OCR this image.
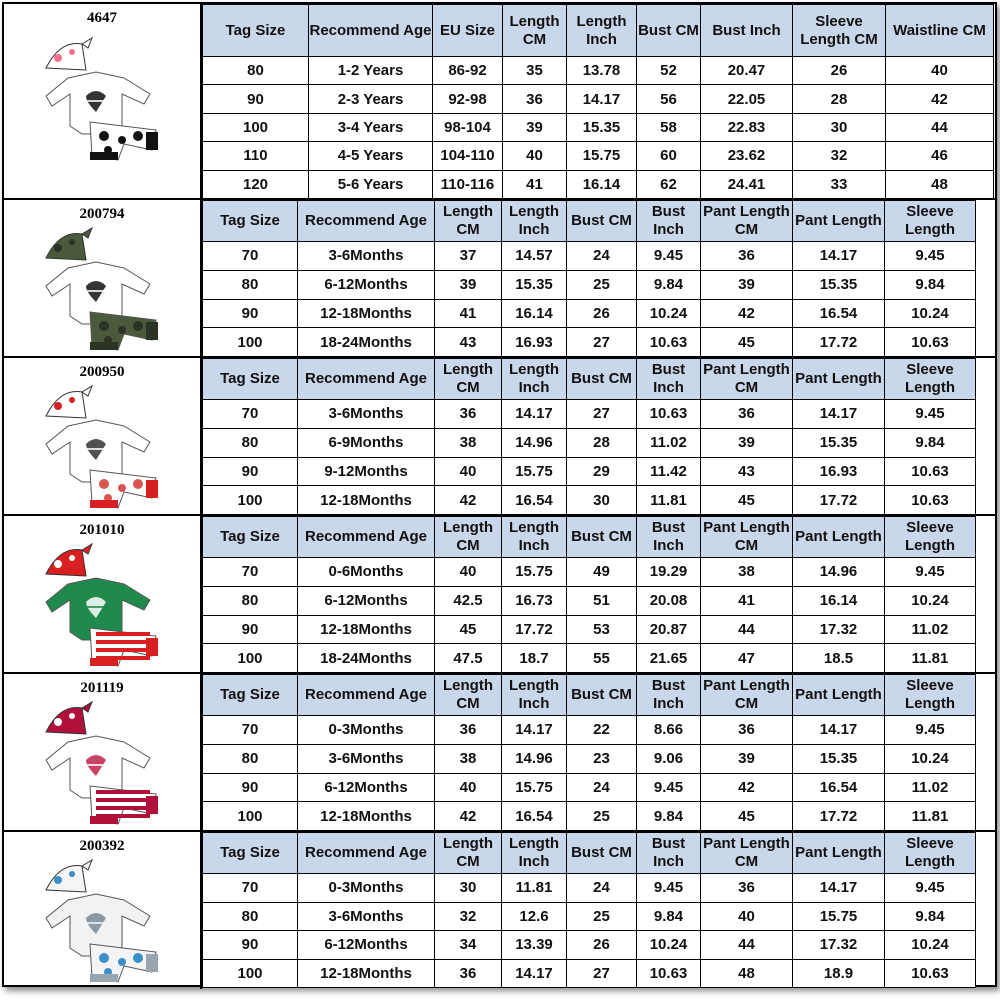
4647
Tag Size	Recommend Age	EU Size	Length CM	Length Inch	Bust CM	Bust Inch	Sleeve Length CM	Waistline CM
80	1-2 Years	86-92	35	13.78	52	20.47	26	40
90	2-3 Years	92-98	36	14.17	56	22.05	28	42
100	3-4 Years	98-104	39	15.35	58	22.83	30	44
110	4-5 Years	104-110	40	15.75	60	23.62	32	46
120	5-6 Years	110-116	41	16.14	62	24.41	33	48
200794	Tag Size	Recommend Age	Length CM	Length Inch	Bust CM	Bust Inch	Pant Length CM	Pant Length	Sleeve Length
70	3-6Months	37	14.57	24	9.45	36	14.17	9.45
80	6-12Months	39	15.35	25	9.84	39	15.35	9.84
90	12-18Months	41	16.14	26	10.24	42	16.54	10.24
100	18-24Months	43	16.93	27	10.63	45	17.72	10.63
200950	Tag Size	Recommend Age	Length CM	Length Inch	Bust CM	Bust Inch	Pant Length CM	Pant Length	Sleeve Length
70	3-6Months	36	14.17	27	10.63	36	14.17	9.45
80	6-9Months	38	14.96	28	11.02	39	15.35	9.84
90	9-12Months	40	15.75	29	11.42	43	16.93	10.63
100	12-18Months	42	16.54	30	11.81	45	17.72	10.63
201010	Tag Size	Recommend Age	Length CM	Length Inch	Bust CM	Bust Inch	Pant Length CM	Pant Length	Sleeve Length
70	0-6Months	40	15.75	49	19.29	38	14.96	9.45
80	6-12Months	42.5	16.73	51	20.08	41	16.14	10.24
90	12-18Months	45	17.72	53	20.87	44	17.32	11.02
100	18-24Months	47.5	18.7	55	21.65	47	18.5	11.81
201119	Tag Size	Recommend Age	Length CM	Length Inch	Bust CM	Bust Inch	Pant Length CM	Pant Length	Sleeve Length
70	0-3Months	36	14.17	22	8.66	36	14.17	9.45
80	3-6Months	38	14.96	23	9.06	39	15.35	10.24
90	6-12Months	40	15.75	24	9.45	42	16.54	11.02
100	12-18Months	42	16.54	25	9.84	45	17.72	11.81
200392	Tag Size	Recommend Age	Length CM	Length Inch	Bust CM	Bust Inch	Pant Length CM	Pant Length	Sleeve Length
70	0-3Months	30	11.81	24	9.45	36	14.17	9.45
80	3-6Months	32	12.6	25	9.84	40	15.75	9.84
90	6-12Months	34	13.39	26	10.24	44	17.32	10.24
100	12-18Months	36	14.17	27	10.63	48	18.9	10.63
